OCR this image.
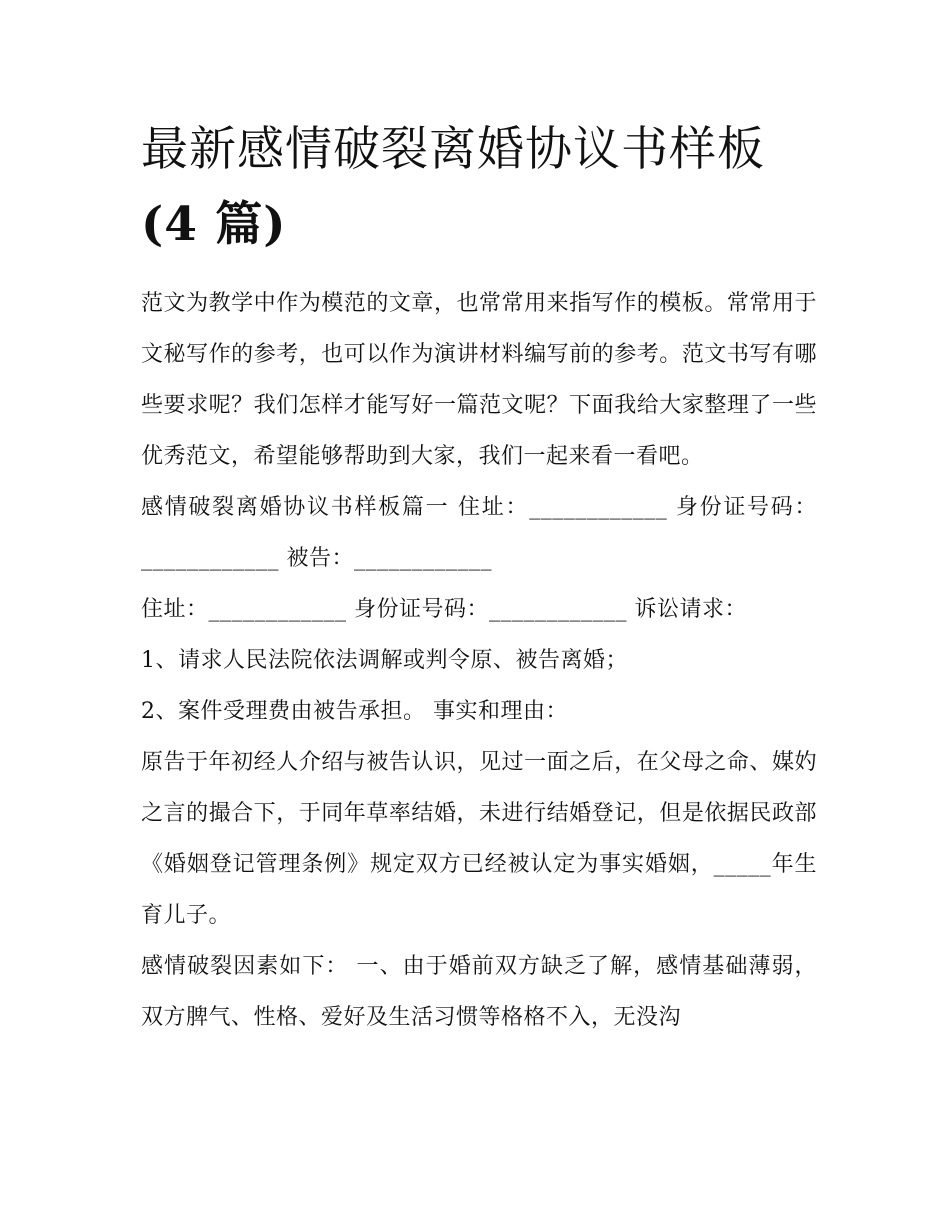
最新感情破裂离婚协议书样板
(4 篇)

范文为教学中作为模范的文章，也常常用来指写作的模板。常常用于文秘写作的参考，也可以作为演讲材料编写前的参考。范文书写有哪些要求呢？我们怎样才能写好一篇范文呢？下面我给大家整理了一些优秀范文，希望能够帮助到大家，我们一起来看一看吧。

感情破裂离婚协议书样板篇一 住址：____________ 身份证号码：____________ 被告：____________

住址：____________ 身份证号码：____________ 诉讼请求：

1、请求人民法院依法调解或判令原、被告离婚；

2、案件受理费由被告承担。 事实和理由：

原告于年初经人介绍与被告认识，见过一面之后，在父母之命、媒妁之言的撮合下，于同年草率结婚，未进行结婚登记，但是依据民政部《婚姻登记管理条例》规定双方已经被认定为事实婚姻，_____年生育儿子。

感情破裂因素如下： 一、由于婚前双方缺乏了解，感情基础薄弱，双方脾气、性格、爱好及生活习惯等格格不入，无没沟
